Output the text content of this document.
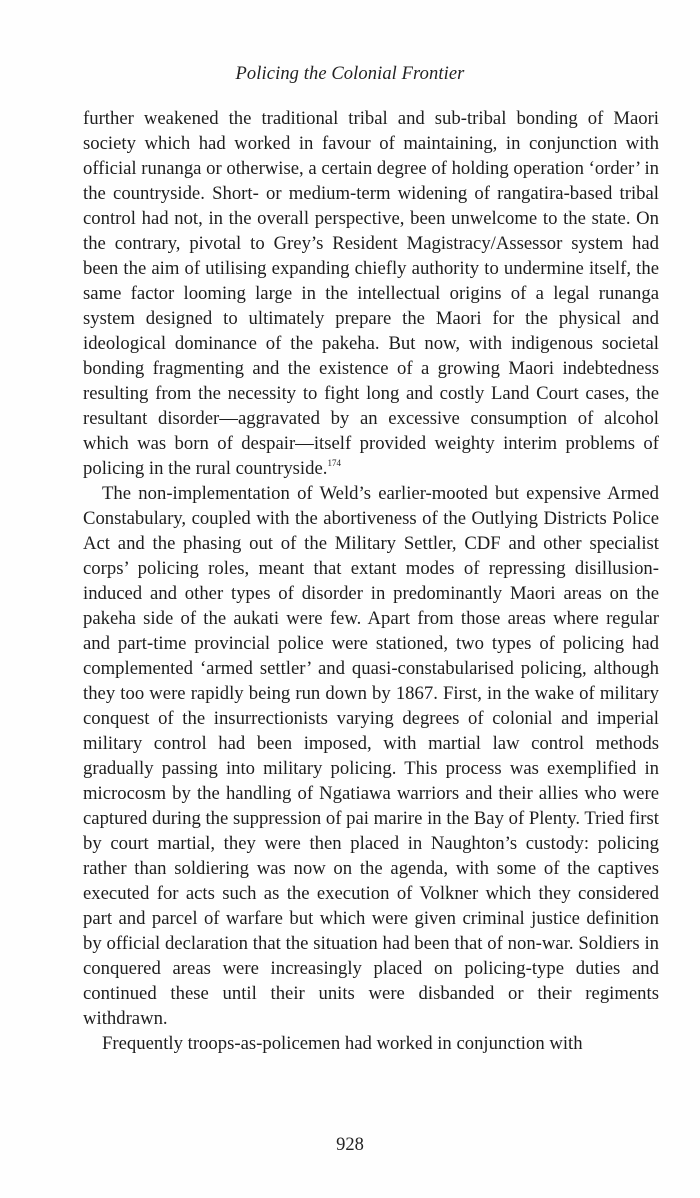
Policing the Colonial Frontier

further weakened the traditional tribal and sub-tribal bonding of Maori society which had worked in favour of maintaining, in conjunction with official runanga or otherwise, a certain degree of holding operation ‘order’ in the countryside. Short- or medium-term widening of rangatira-based tribal control had not, in the overall perspective, been unwelcome to the state. On the contrary, pivotal to Grey’s Resident Magistracy/Assessor system had been the aim of utilising expanding chiefly authority to undermine itself, the same factor looming large in the intellectual origins of a legal runanga system designed to ultimately prepare the Maori for the physical and ideological dominance of the pakeha. But now, with indigenous societal bonding fragmenting and the existence of a growing Maori indebtedness resulting from the necessity to fight long and costly Land Court cases, the resultant disorder—aggravated by an excessive consumption of alcohol which was born of despair—itself provided weighty interim problems of policing in the rural countryside.$^{174}$

The non-implementation of Weld’s earlier-mooted but expensive Armed Constabulary, coupled with the abortiveness of the Outlying Districts Police Act and the phasing out of the Military Settler, CDF and other specialist corps’ policing roles, meant that extant modes of repressing disillusion-induced and other types of disorder in predominantly Maori areas on the pakeha side of the aukati were few. Apart from those areas where regular and part-time provincial police were stationed, two types of policing had complemented ‘armed settler’ and quasi-constabularised policing, although they too were rapidly being run down by 1867. First, in the wake of military conquest of the insurrectionists varying degrees of colonial and imperial military control had been imposed, with martial law control methods gradually passing into military policing. This process was exemplified in microcosm by the handling of Ngatiawa warriors and their allies who were captured during the suppression of pai marire in the Bay of Plenty. Tried first by court martial, they were then placed in Naughton’s custody: policing rather than soldiering was now on the agenda, with some of the captives executed for acts such as the execution of Volkner which they considered part and parcel of warfare but which were given criminal justice definition by official declaration that the situation had been that of non-war. Soldiers in conquered areas were increasingly placed on policing-type duties and continued these until their units were disbanded or their regiments withdrawn.

Frequently troops-as-policemen had worked in conjunction with

928
